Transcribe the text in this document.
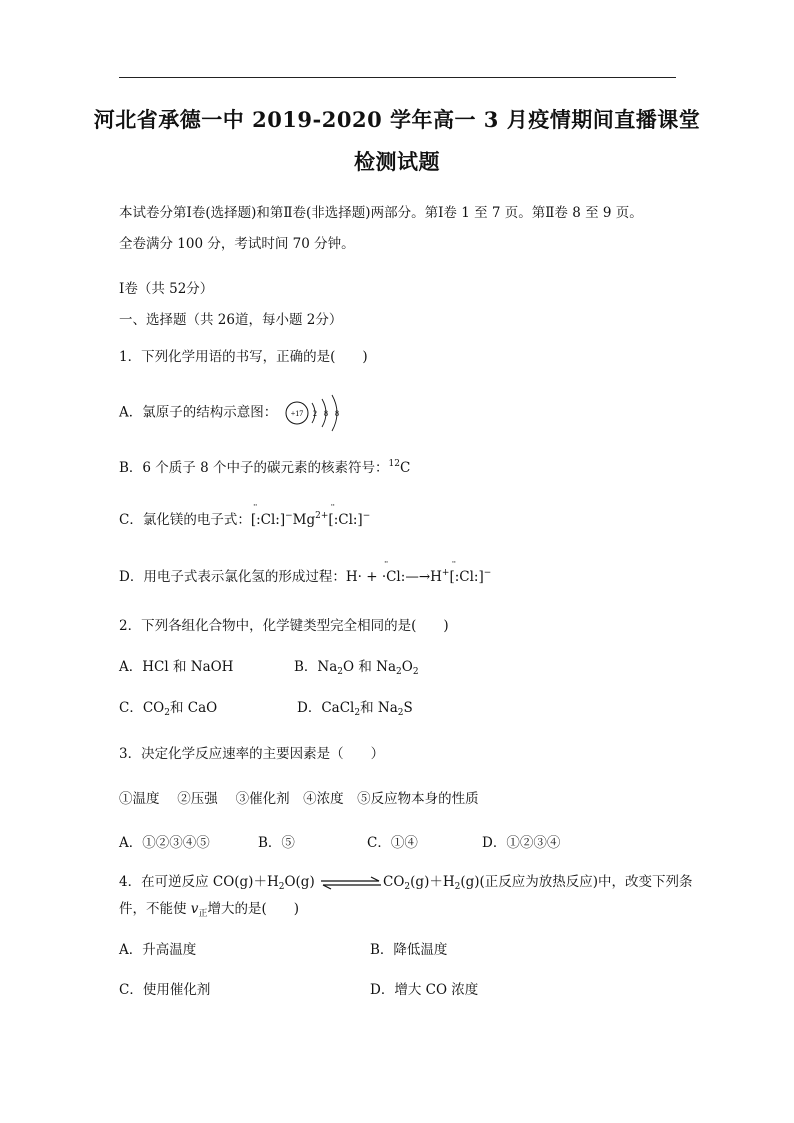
河北省承德一中 2019-2020 学年高一 3 月疫情期间直播课堂
检测试题
本试卷分第Ⅰ卷(选择题)和第Ⅱ卷(非选择题)两部分。第Ⅰ卷 1 至 7 页。第Ⅱ卷 8 至 9 页。
全卷满分 100 分，考试时间 70 分钟。
Ⅰ卷（共 52分）
一、选择题（共 26道，每小题 2分）
1．下列化学用语的书写，正确的是(　　)
A．氯原子的结构示意图： +17 2 8 8
B．6 个质子 8 个中子的碳元素的核素符号：$^{12}$C
C．氯化镁的电子式：·· $[:Cl:]^-Mg^{2+}\cdot\cdot$ [:Cl:]−
D．用电子式表示氯化氢的形成过程：H· + ·· ·Cl:—→H+·· [:Cl:]−
2．下列各组化合物中，化学键类型完全相同的是(　　)
A．HCl 和 NaOH	B．$Na_2O$ 和 $Na_2O_2$
C．$CO_2$和 CaO	D．CaCl$_2$和 $Na_2S$
3．决定化学反应速率的主要因素是（　　）
①温度　 ②压强　 ③催化剂　④浓度　⑤反应物本身的性质
A．①②③④⑤	B．⑤	C．①④	D．①②③④
4．在可逆反应 $CO(g)+H_2O(g)$	$CO_2(g)+H_2(g)$(正反应为放热反应)中，改变下列条
件，不能使 $v_正$增大的是(　　)
A．升高温度	B．降低温度
C．使用催化剂	D．增大 CO 浓度
